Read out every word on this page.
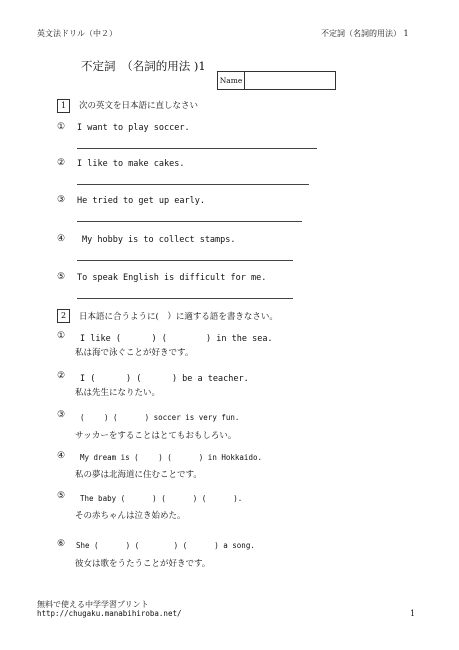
英文法ドリル（中２）	不定詞（名詞的用法） 1
不定詞　（名詞的用法 )1
Name
1	次の英文を日本語に直しなさい
① I want to play soccer.
② I like to make cakes.
③ He tried to get up early.
④ My hobby is to collect stamps.
⑤ To speak English is difficult for me.
2	日本語に合うように(　）に適する語を書きなさい。
① I like (　　　 ) (　　　　 ) in the sea.
私は海で泳ぐことが好きです。
② I (　　　 ) (　　　 ) be a teacher.
私は先生になりたい。
③ (　　 ) (　　　 ) soccer is very fun.
サッカーをすることはとてもおもしろい。
④ My dream is (　　 ) (　　　 ) in Hokkaido.
私の夢は北海道に住むことです。
⑤ The baby (　　　 ) (　　　 ) (　　　 ).
その赤ちゃんは泣き始めた。
⑥ She (　　　 ) (　　　　 ) (　　　 ) a song.
彼女は歌をうたうことが好きです。
無料で使える中学学習プリント
http://chugaku.manabihiroba.net/	1
